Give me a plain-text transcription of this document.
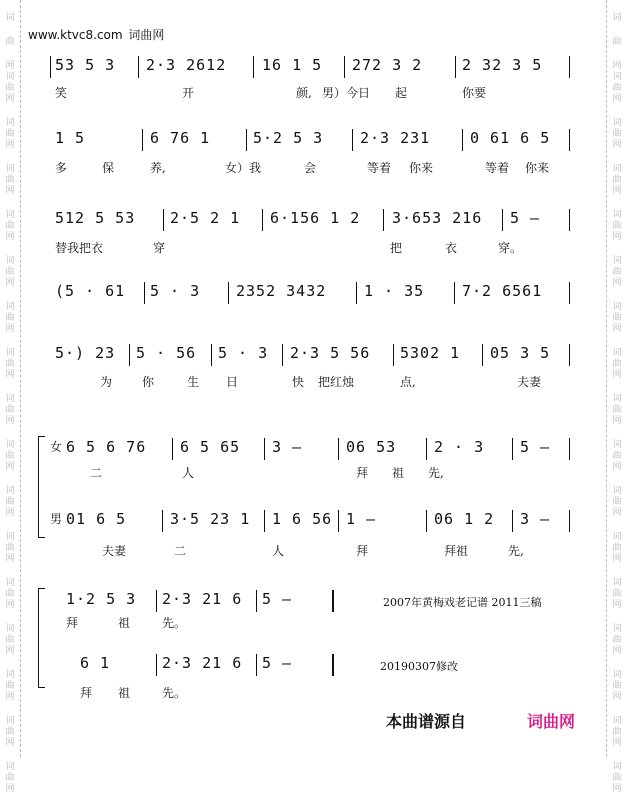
词
曲
网
词
曲
网
词
曲
网
词
曲
网
词
曲
网
词
曲
网
词
曲
网
词
曲
网
词
曲
网
词
曲
网
词
曲
网
词
曲
网
词
曲
网
词
曲
网
词
曲
网
词
曲
网
词
曲
网
词
曲
网
词
曲
网
词
曲
网
词
曲
网
词
曲
网
词
曲
网
词
曲
网
词
曲
网
词
曲
网
词
曲
网
词
曲
网
词
曲
网
词
曲
网
词
曲
网
词
曲
网
词
曲
网
词
曲
网
www.ktvc8.com 词曲网
53 5 3 2·3 2612 16 1 5 272 3 2	2 32 3 5
笑	开	颜, 男）今日 起	你要
1 5	6 76 1	5·2 5 3 2·3 231	0 61 6 5
多	保	养,	女）我	会	等着 你来	等着 你来
512 5 53 2·5 2 1 6·156 1 2 3·653 216 5 –
替我把衣	穿	把	衣	穿。
(5 · 61 5 · 3 2352 3432	1 · 35	7·2 6561
5·) 23 5 · 56 5 · 3 2·3 5 56 5302 1 05 3 5
为 你	生 日	快 把红烛	点,	夫妻
女 6 5 6 76 6 5 65 3 –	06 53	2 · 3 5 –
二	人	拜 祖 先,
男 01 6 5	3·5 23 1 1 6 56 1 –	06 1 2 3 –
夫妻	二	人	拜	拜祖	先,
1·2 5 3 2·3 21 6 5 –
拜	祖	先。
2007年黄梅戏老记谱 2011三稿
6 1	2·3 21 6 5 –
拜 祖	先。
20190307修改
本曲谱源自	词曲网
